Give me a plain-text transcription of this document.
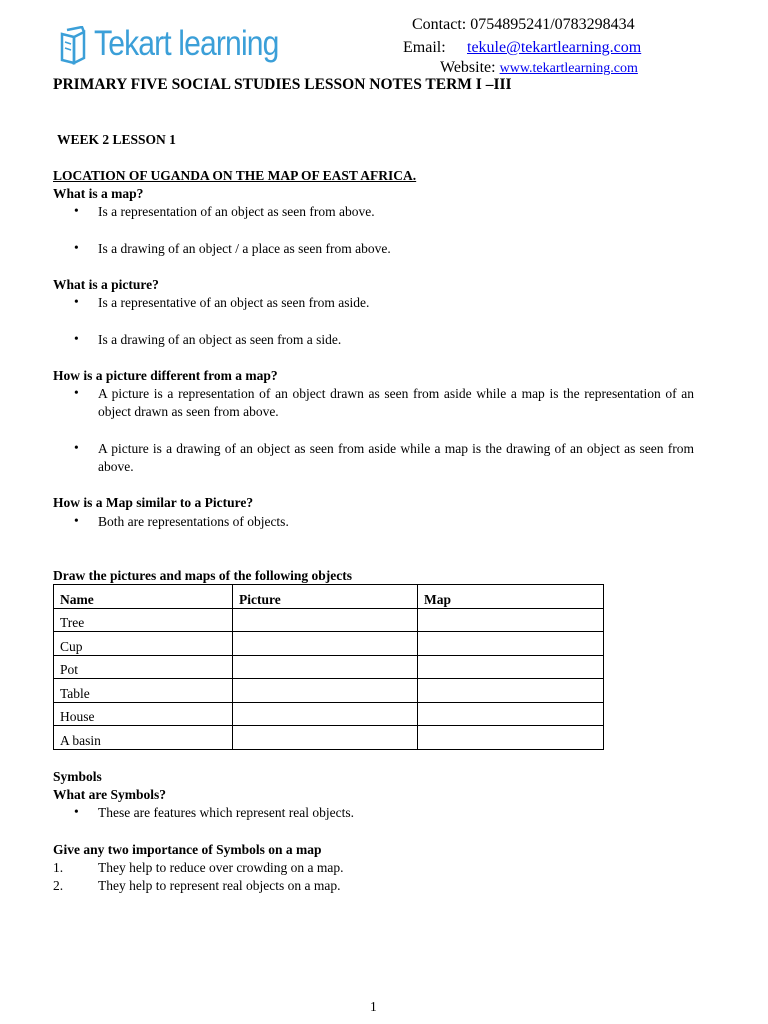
Tekart learning	Contact: 0754895241/0783298434
Email: tekule@tekartlearning.com
Website: www.tekartlearning.com
PRIMARY FIVE SOCIAL STUDIES LESSON NOTES TERM I –III
WEEK 2 LESSON 1
LOCATION OF UGANDA ON THE MAP OF EAST AFRICA.
What is a map?
• Is a representation of an object as seen from above.
• Is a drawing of an object / a place as seen from above.
What is a picture?
• Is a representative of an object as seen from aside.
• Is a drawing of an object as seen from a side.
How is a picture different from a map?
• A picture is a representation of an object drawn as seen from aside while a map is the representation of an object drawn as seen from above.
• A picture is a drawing of an object as seen from aside while a map is the drawing of an object as seen from above.
How is a Map similar to a Picture?
• Both are representations of objects.
Draw the pictures and maps of the following objects
Name	Picture	Map
Tree		
Cup		
Pot		
Table		
House		
A basin		
Symbols
What are Symbols?
• These are features which represent real objects.
Give any two importance of Symbols on a map
1.	They help to reduce over crowding on a map.
2.	They help to represent real objects on a map.
1
